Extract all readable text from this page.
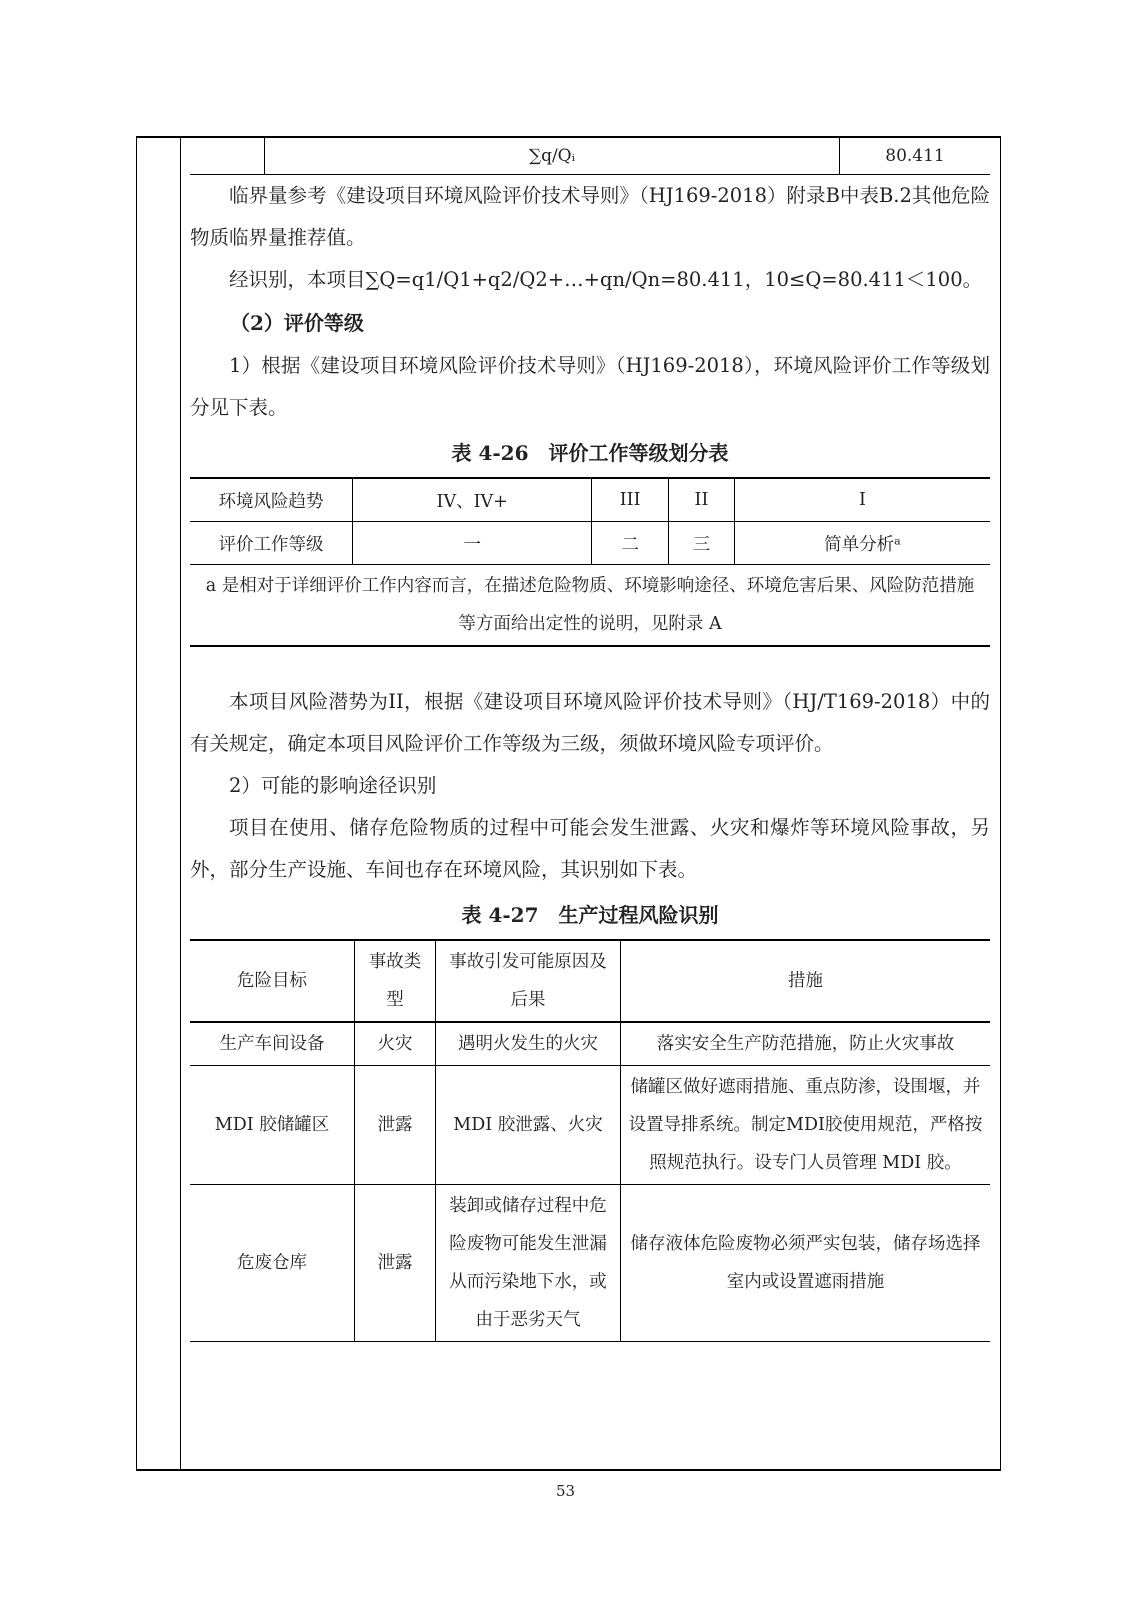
	∑q/Qᵢ	80.411

临界量参考《建设项目环境风险评价技术导则》（HJ169-2018）附录B中表B.2其他危险物质临界量推荐值。

经识别，本项目∑Q=q1/Q1+q2/Q2+…+qn/Qn=80.411，10≤Q=80.411＜100。

（2）评价等级

1）根据《建设项目环境风险评价技术导则》（HJ169-2018），环境风险评价工作等级划分见下表。

表 4-26　评价工作等级划分表
环境风险趋势	IV、IV+	III	II	I
评价工作等级	一	二	三	简单分析ᵃ
a 是相对于详细评价工作内容而言，在描述危险物质、环境影响途径、环境危害后果、风险防范措施等方面给出定性的说明，见附录 A				

本项目风险潜势为II，根据《建设项目环境风险评价技术导则》（HJ/T169-2018）中的有关规定，确定本项目风险评价工作等级为三级，须做环境风险专项评价。

2）可能的影响途径识别

项目在使用、储存危险物质的过程中可能会发生泄露、火灾和爆炸等环境风险事故，另外，部分生产设施、车间也存在环境风险，其识别如下表。

表 4-27　生产过程风险识别
危险目标	事故类型	事故引发可能原因及后果	措施
生产车间设备	火灾	遇明火发生的火灾	落实安全生产防范措施，防止火灾事故
MDI 胶储罐区	泄露	MDI 胶泄露、火灾	储罐区做好遮雨措施、重点防渗，设围堰，并设置导排系统。制定MDI胶使用规范，严格按照规范执行。设专门人员管理 MDI 胶。
危废仓库	泄露	装卸或储存过程中危险废物可能发生泄漏从而污染地下水，或由于恶劣天气	储存液体危险废物必须严实包装，储存场选择室内或设置遮雨措施
53
